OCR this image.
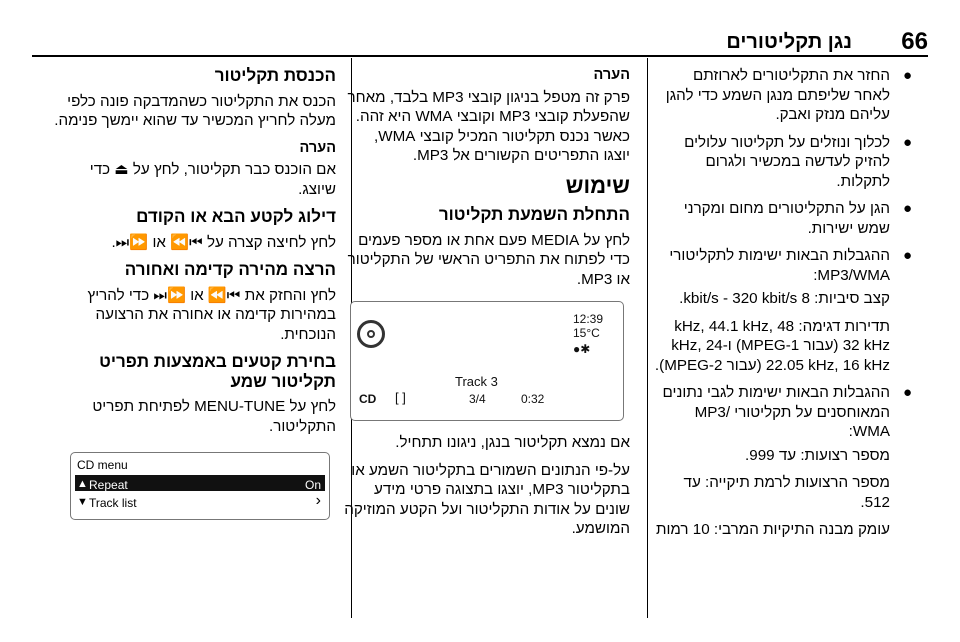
66
נגן תקליטורים
●
החזר את התקליטורים לארוזתם לאחר שליפתם מנגן השמע כדי להגן עליהם מנזק ואבק.
●
לכלוך ונוזלים על תקליטור עלולים להזיק לעדשה במכשיר ולגרום לתקלות.
●
הגן על התקליטורים מחום ומקרני שמש ישירות.
●
ההגבלות הבאות ישימות לתקליטורי MP3/WMA:

קצב סיביות: 8 kbit/s - 320 kbit/s.

תדירות דגימה: 48 kHz, 44.1 kHz, 32 kHz (עבור MPEG-1) ו-24 kHz, 22.05 kHz, 16 kHz (עבור MPEG-2).

●
ההגבלות הבאות ישימות לגבי נתונים המאוחסנים על תקליטורי MP3/ WMA:

מספר רצועות: עד 999.

מספר הרצועות לרמת תיקייה: עד 512.

עומק מבנה התיקיות המרבי: 10 רמות

הערה

פרק זה מטפל בניגון קובצי MP3 בלבד, מאחר שהפעלת קובצי MP3 וקובצי WMA היא זהה. כאשר נכנס תקליטור המכיל קובצי WMA, יוצגו התפריטים הקשורים אל MP3.

שימוש
התחלת השמעת תקליטור

לחץ על MEDIA פעם אחת או מספר פעמים כדי לפתוח את התפריט הראשי של התקליטור או MP3.

CD [ ]
Track 3
3/4	0:32
12:39
15°C
●✱

אם נמצא תקליטור בנגן, ניגונו תתחיל.

על-פי הנתונים השמורים בתקליטור השמע או בתקליטור MP3, יוצגו בתצוגה פרטי מידע שונים על אודות התקליטור ועל הקטע המוזיקה המושמע.

הכנסת תקליטור

הכנס את התקליטור כשהמדבקה פונה כלפי מעלה לחריץ המכשיר עד שהוא יימשך פנימה.

הערה

אם הוכנס כבר תקליטור, לחץ על ⏏ כדי שיוצג.

דילוג לקטע הבא או הקודם

לחץ לחיצה קצרה על ⏮⏪ או ⏩⏭.

הרצה מהירה קדימה ואחורה

לחץ והחזק את ⏮⏪ או ⏩⏭ כדי להריץ במהירות קדימה או אחורה את הרצועה הנוכחית.

בחירת קטעים באמצעות תפריט תקליטור שמע

לחץ על MENU-TUNE לפתיחת תפריט התקליטור.

CD menu
▲ Repeat	On
▼ Track list	›
